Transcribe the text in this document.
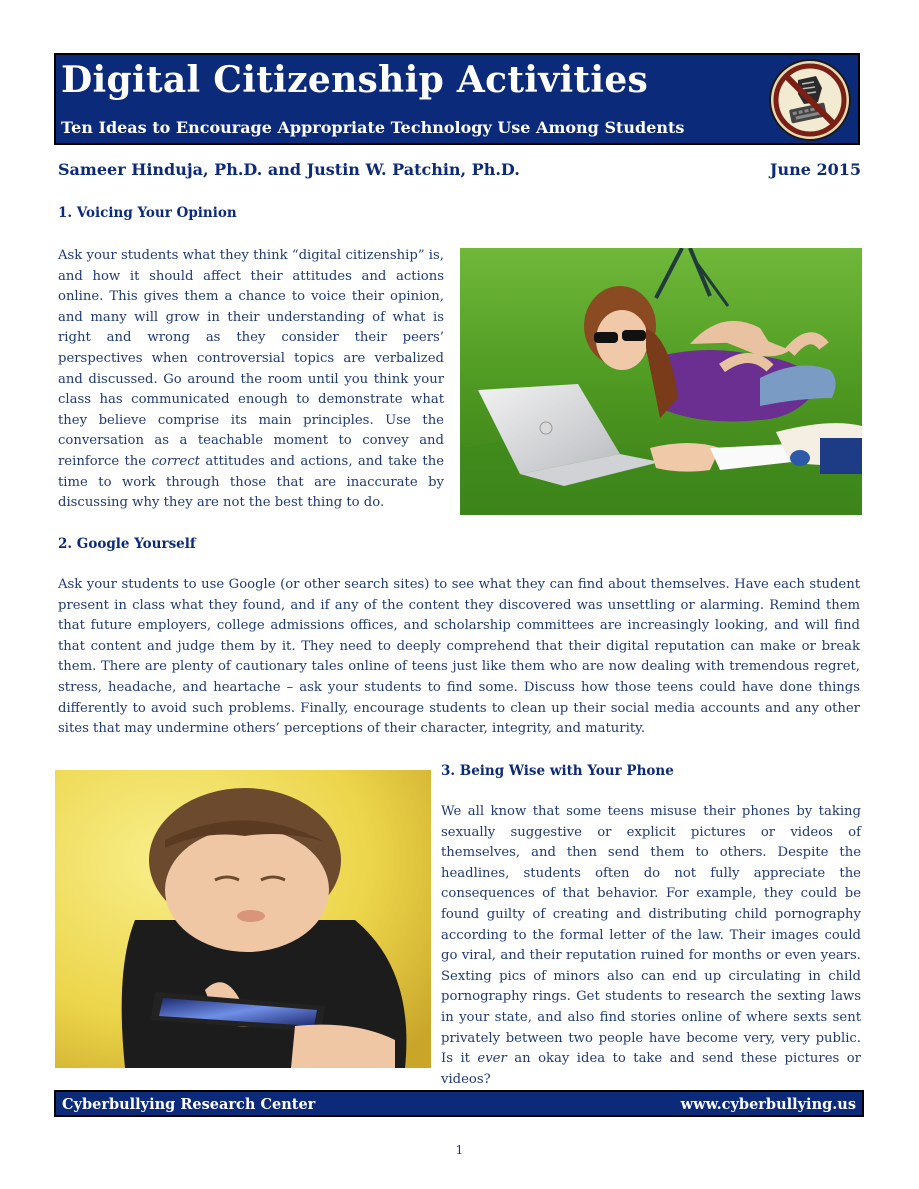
Digital Citizenship Activities
Ten Ideas to Encourage Appropriate Technology Use Among Students
Sameer Hinduja, Ph.D. and Justin W. Patchin, Ph.D.	June 2015
1. Voicing Your Opinion

Ask your students what they think “digital citizenship” is, and how it should affect their attitudes and actions online. This gives them a chance to voice their opinion, and many will grow in their understanding of what is right and wrong as they consider their peers’ perspectives when controversial topics are verbalized and discussed. Go around the room until you think your class has communicated enough to demonstrate what they believe comprise its main principles. Use the conversation as a teachable moment to convey and reinforce the correct attitudes and actions, and take the time to work through those that are inaccurate by discussing why they are not the best thing to do.

2. Google Yourself

Ask your students to use Google (or other search sites) to see what they can find about themselves. Have each student present in class what they found, and if any of the content they discovered was unsettling or alarming. Remind them that future employers, college admissions offices, and scholarship committees are increasingly looking, and will find that content and judge them by it. They need to deeply comprehend that their digital reputation can make or break them. There are plenty of cautionary tales online of teens just like them who are now dealing with tremendous regret, stress, headache, and heartache – ask your students to find some. Discuss how those teens could have done things differently to avoid such problems. Finally, encourage students to clean up their social media accounts and any other sites that may undermine others’ perceptions of their character, integrity, and maturity.

3. Being Wise with Your Phone

We all know that some teens misuse their phones by taking sexually suggestive or explicit pictures or videos of themselves, and then send them to others. Despite the headlines, students often do not fully appreciate the consequences of that behavior. For example, they could be found guilty of creating and distributing child pornography according to the formal letter of the law. Their images could go viral, and their reputation ruined for months or even years. Sexting pics of minors also can end up circulating in child pornography rings. Get students to research the sexting laws in your state, and also find stories online of where sexts sent privately between two people have become very, very public. Is it ever an okay idea to take and send these pictures or videos?

Cyberbullying Research Center	www.cyberbullying.us
1
